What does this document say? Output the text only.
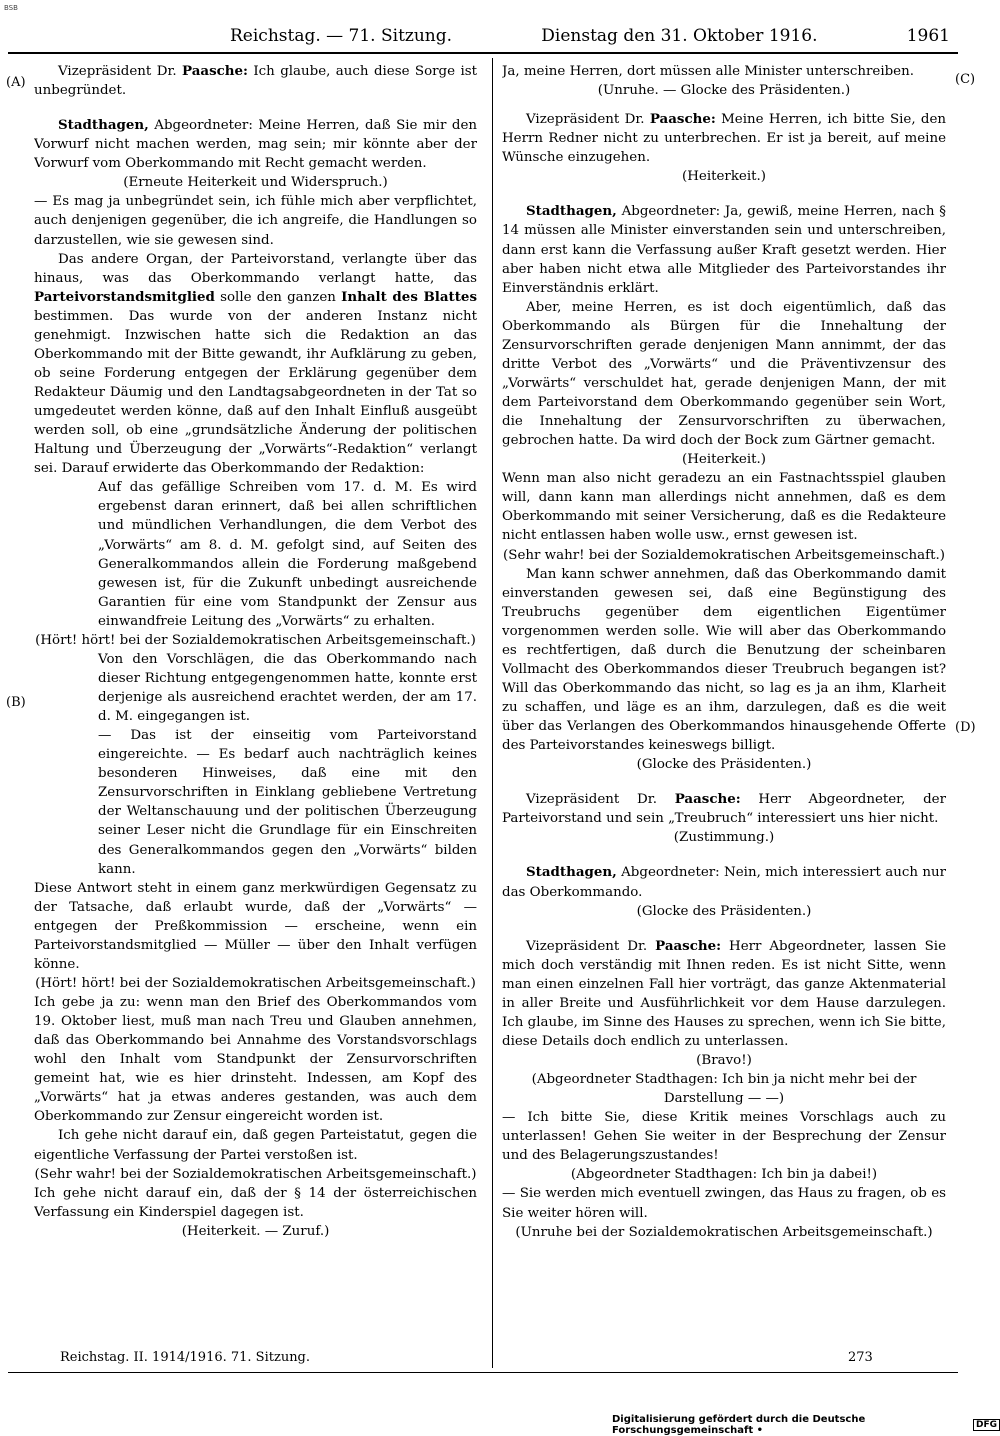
BSB
Reichstag. — 71. Sitzung.	Dienstag den 31. Oktober 1916.	1961
(A)
(B)
(C)
(D)

Vizepräsident Dr. Paasche: Ich glaube, auch diese Sorge ist unbegründet.

Stadthagen, Abgeordneter: Meine Herren, daß Sie mir den Vorwurf nicht machen werden, mag sein; mir könnte aber der Vorwurf vom Oberkommando mit Recht gemacht werden.

(Erneute Heiterkeit und Widerspruch.)

— Es mag ja unbegründet sein, ich fühle mich aber verpflichtet, auch denjenigen gegenüber, die ich angreife, die Handlungen so darzustellen, wie sie gewesen sind.

Das andere Organ, der Parteivorstand, verlangte über das hinaus, was das Oberkommando verlangt hatte, das Parteivorstandsmitglied solle den ganzen Inhalt des Blattes bestimmen. Das wurde von der anderen Instanz nicht genehmigt. Inzwischen hatte sich die Redaktion an das Oberkommando mit der Bitte gewandt, ihr Aufklärung zu geben, ob seine Forderung entgegen der Erklärung gegenüber dem Redakteur Däumig und den Landtagsabgeordneten in der Tat so umgedeutet werden könne, daß auf den Inhalt Einfluß ausgeübt werden soll, ob eine „grundsätzliche Änderung der politischen Haltung und Überzeugung der „Vorwärts“-Redaktion“ verlangt sei. Darauf erwiderte das Oberkommando der Redaktion:

Auf das gefällige Schreiben vom 17. d. M. Es wird ergebenst daran erinnert, daß bei allen schriftlichen und mündlichen Verhandlungen, die dem Verbot des „Vorwärts“ am 8. d. M. gefolgt sind, auf Seiten des Generalkommandos allein die Forderung maßgebend gewesen ist, für die Zukunft unbedingt ausreichende Garantien für eine vom Standpunkt der Zensur aus einwandfreie Leitung des „Vorwärts“ zu erhalten.

(Hört! hört! bei der Sozialdemokratischen Arbeitsgemeinschaft.)

Von den Vorschlägen, die das Oberkommando nach dieser Richtung entgegengenommen hatte, konnte erst derjenige als ausreichend erachtet werden, der am 17. d. M. eingegangen ist.

— Das ist der einseitig vom Parteivorstand eingereichte. — Es bedarf auch nachträglich keines besonderen Hinweises, daß eine mit den Zensurvorschriften in Einklang gebliebene Vertretung der Weltanschauung und der politischen Überzeugung seiner Leser nicht die Grundlage für ein Einschreiten des Generalkommandos gegen den „Vorwärts“ bilden kann.

Diese Antwort steht in einem ganz merkwürdigen Gegensatz zu der Tatsache, daß erlaubt wurde, daß der „Vorwärts“ — entgegen der Preßkommission — erscheine, wenn ein Parteivorstandsmitglied — Müller — über den Inhalt verfügen könne.

(Hört! hört! bei der Sozialdemokratischen Arbeitsgemeinschaft.)

Ich gebe ja zu: wenn man den Brief des Oberkommandos vom 19. Oktober liest, muß man nach Treu und Glauben annehmen, daß das Oberkommando bei Annahme des Vorstandsvorschlags wohl den Inhalt vom Standpunkt der Zensurvorschriften gemeint hat, wie es hier drinsteht. Indessen, am Kopf des „Vorwärts“ hat ja etwas anderes gestanden, was auch dem Oberkommando zur Zensur eingereicht worden ist.

Ich gehe nicht darauf ein, daß gegen Parteistatut, gegen die eigentliche Verfassung der Partei verstoßen ist.

(Sehr wahr! bei der Sozialdemokratischen Arbeitsgemeinschaft.)

Ich gehe nicht darauf ein, daß der § 14 der österreichischen Verfassung ein Kinderspiel dagegen ist.

(Heiterkeit. — Zuruf.)

Ja, meine Herren, dort müssen alle Minister unterschreiben.

(Unruhe. — Glocke des Präsidenten.)

Vizepräsident Dr. Paasche: Meine Herren, ich bitte Sie, den Herrn Redner nicht zu unterbrechen. Er ist ja bereit, auf meine Wünsche einzugehen.

(Heiterkeit.)

Stadthagen, Abgeordneter: Ja, gewiß, meine Herren, nach § 14 müssen alle Minister einverstanden sein und unterschreiben, dann erst kann die Verfassung außer Kraft gesetzt werden. Hier aber haben nicht etwa alle Mitglieder des Parteivorstandes ihr Einverständnis erklärt.

Aber, meine Herren, es ist doch eigentümlich, daß das Oberkommando als Bürgen für die Innehaltung der Zensurvorschriften gerade denjenigen Mann annimmt, der das dritte Verbot des „Vorwärts“ und die Präventivzensur des „Vorwärts“ verschuldet hat, gerade denjenigen Mann, der mit dem Parteivorstand dem Oberkommando gegenüber sein Wort, die Innehaltung der Zensurvorschriften zu überwachen, gebrochen hatte. Da wird doch der Bock zum Gärtner gemacht.

(Heiterkeit.)

Wenn man also nicht geradezu an ein Fastnachtsspiel glauben will, dann kann man allerdings nicht annehmen, daß es dem Oberkommando mit seiner Versicherung, daß es die Redakteure nicht entlassen haben wolle usw., ernst gewesen ist.

(Sehr wahr! bei der Sozialdemokratischen Arbeitsgemeinschaft.)

Man kann schwer annehmen, daß das Oberkommando damit einverstanden gewesen sei, daß eine Begünstigung des Treubruchs gegenüber dem eigentlichen Eigentümer vorgenommen werden solle. Wie will aber das Oberkommando es rechtfertigen, daß durch die Benutzung der scheinbaren Vollmacht des Oberkommandos dieser Treubruch begangen ist? Will das Oberkommando das nicht, so lag es ja an ihm, Klarheit zu schaffen, und läge es an ihm, darzulegen, daß es die weit über das Verlangen des Oberkommandos hinausgehende Offerte des Parteivorstandes keineswegs billigt.

(Glocke des Präsidenten.)

Vizepräsident Dr. Paasche: Herr Abgeordneter, der Parteivorstand und sein „Treubruch“ interessiert uns hier nicht.

(Zustimmung.)

Stadthagen, Abgeordneter: Nein, mich interessiert auch nur das Oberkommando.

(Glocke des Präsidenten.)

Vizepräsident Dr. Paasche: Herr Abgeordneter, lassen Sie mich doch verständig mit Ihnen reden. Es ist nicht Sitte, wenn man einen einzelnen Fall hier vorträgt, das ganze Aktenmaterial in aller Breite und Ausführlichkeit vor dem Hause darzulegen. Ich glaube, im Sinne des Hauses zu sprechen, wenn ich Sie bitte, diese Details doch endlich zu unterlassen.

(Bravo!)

(Abgeordneter Stadthagen: Ich bin ja nicht mehr bei der Darstellung — —)

— Ich bitte Sie, diese Kritik meines Vorschlags auch zu unterlassen! Gehen Sie weiter in der Besprechung der Zensur und des Belagerungszustandes!

(Abgeordneter Stadthagen: Ich bin ja dabei!)

— Sie werden mich eventuell zwingen, das Haus zu fragen, ob es Sie weiter hören will.

(Unruhe bei der Sozialdemokratischen Arbeitsgemeinschaft.)

Reichstag. II. 1914/1916. 71. Sitzung.	273
Digitalisierung gefördert durch die Deutsche Forschungsgemeinschaft •	DFG
